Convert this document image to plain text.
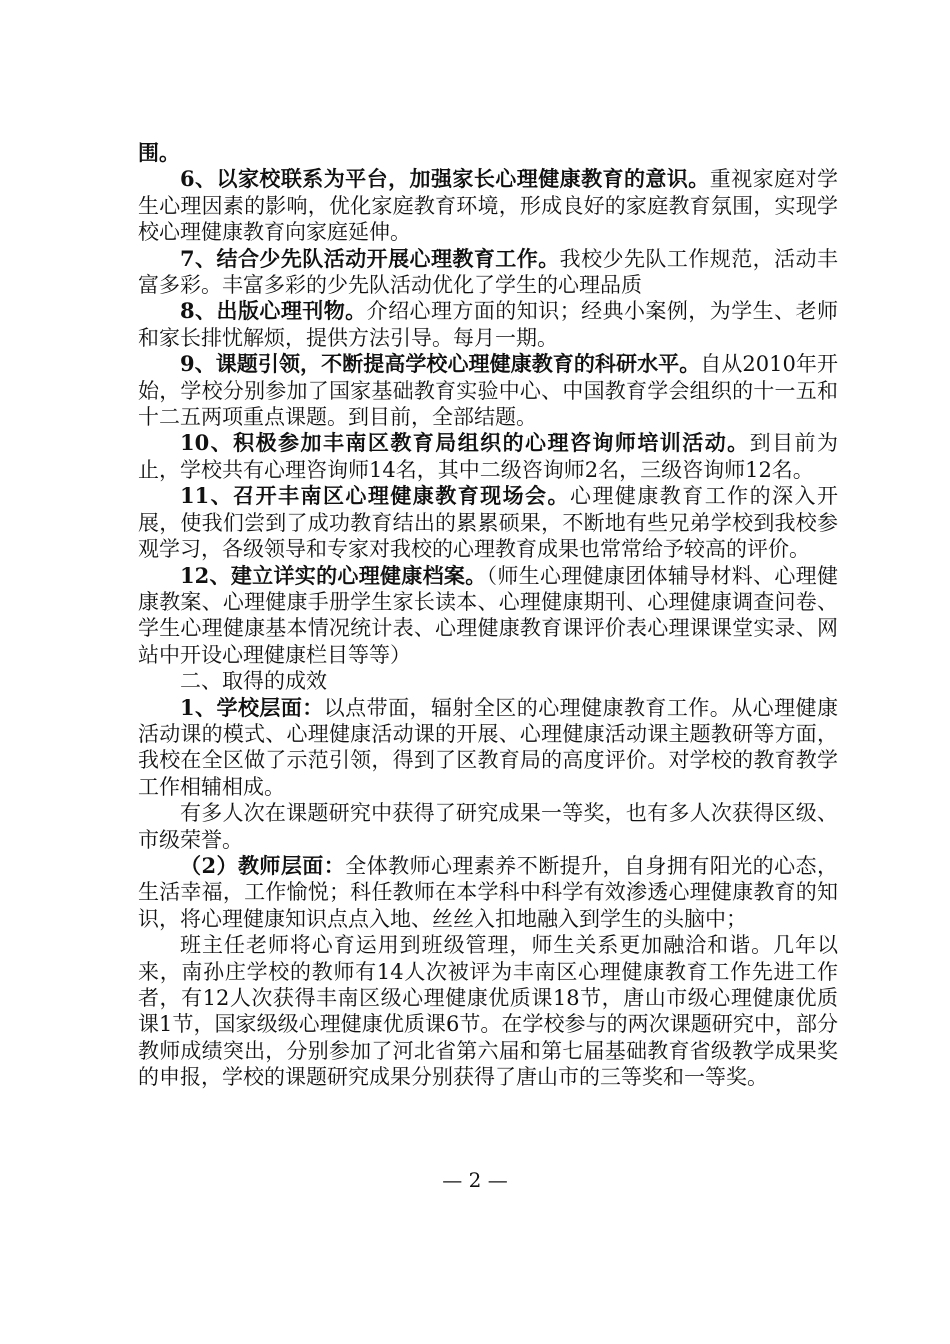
围。

6、以家校联系为平台，加强家长心理健康教育的意识。重视家庭对学生心理因素的影响，优化家庭教育环境，形成良好的家庭教育氛围，实现学校心理健康教育向家庭延伸。

7、结合少先队活动开展心理教育工作。我校少先队工作规范，活动丰富多彩。丰富多彩的少先队活动优化了学生的心理品质

8、出版心理刊物。介绍心理方面的知识；经典小案例，为学生、老师和家长排忧解烦，提供方法引导。每月一期。

9、课题引领，不断提高学校心理健康教育的科研水平。自从2010年开始，学校分别参加了国家基础教育实验中心、中国教育学会组织的十一五和十二五两项重点课题。到目前，全部结题。

10、积极参加丰南区教育局组织的心理咨询师培训活动。到目前为止，学校共有心理咨询师14名，其中二级咨询师2名，三级咨询师12名。

11、召开丰南区心理健康教育现场会。心理健康教育工作的深入开展，使我们尝到了成功教育结出的累累硕果，不断地有些兄弟学校到我校参观学习，各级领导和专家对我校的心理教育成果也常常给予较高的评价。

12、建立详实的心理健康档案。（师生心理健康团体辅导材料、心理健康教案、心理健康手册学生家长读本、心理健康期刊、心理健康调查问卷、学生心理健康基本情况统计表、心理健康教育课评价表心理课课堂实录、网站中开设心理健康栏目等等）

二、取得的成效

1、学校层面：以点带面，辐射全区的心理健康教育工作。从心理健康活动课的模式、心理健康活动课的开展、心理健康活动课主题教研等方面，我校在全区做了示范引领，得到了区教育局的高度评价。对学校的教育教学工作相辅相成。

有多人次在课题研究中获得了研究成果一等奖，也有多人次获得区级、市级荣誉。

（2）教师层面：全体教师心理素养不断提升，自身拥有阳光的心态，生活幸福，工作愉悦；科任教师在本学科中科学有效渗透心理健康教育的知识，将心理健康知识点点入地、丝丝入扣地融入到学生的头脑中；

班主任老师将心育运用到班级管理，师生关系更加融洽和谐。几年以来，南孙庄学校的教师有14人次被评为丰南区心理健康教育工作先进工作者，有12人次获得丰南区级心理健康优质课18节，唐山市级心理健康优质课1节，国家级级心理健康优质课6节。在学校参与的两次课题研究中，部分教师成绩突出，分别参加了河北省第六届和第七届基础教育省级教学成果奖的申报，学校的课题研究成果分别获得了唐山市的三等奖和一等奖。

— 2 —
